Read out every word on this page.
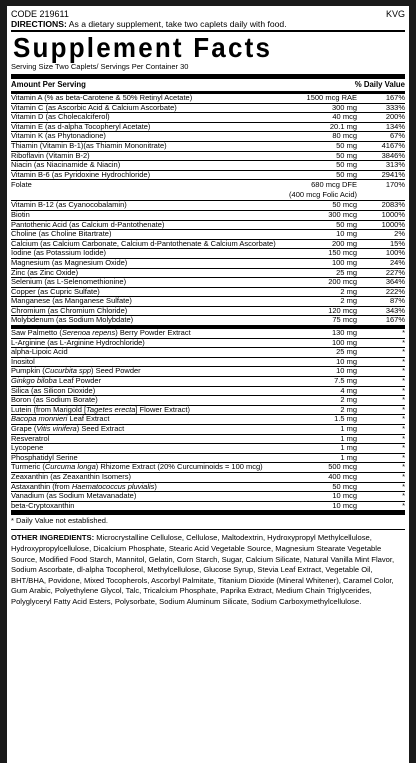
CODE 219611	KVG
DIRECTIONS: As a dietary supplement, take two caplets daily with food.
Supplement Facts
Serving Size Two Caplets/ Servings Per Container 30
Amount Per Serving	% Daily Value
Vitamin A (% as beta-Carotene & 50% Retinyl Acetate)	1500 mcg RAE	167%
Vitamin C (as Ascorbic Acid & Calcium Ascorbate)	300 mg	333%
Vitamin D (as Cholecalciferol)	40 mcg	200%
Vitamin E (as d-alpha Tocopheryl Acetate)	20.1 mg	134%
Vitamin K (as Phytonadione)	80 mcg	67%
Thiamin (Vitamin B-1)(as Thiamin Mononitrate)	50 mg	4167%
Riboflavin (Vitamin B-2)	50 mg	3846%
Niacin (as Niacinamide & Niacin)	50 mg	313%
Vitamin B-6 (as Pyridoxine Hydrochloride)	50 mg	2941%
Folate	680 mcg DFE	170%
(400 mcg Folic Acid)
Vitamin B-12 (as Cyanocobalamin)	50 mcg	2083%
Biotin	300 mcg	1000%
Pantothenic Acid (as Calcium d-Pantothenate)	50 mg	1000%
Choline (as Choline Bitartrate)	10 mg	2%
Calcium (as Calcium Carbonate, Calcium d-Pantothenate & Calcium Ascorbate)	200 mg	15%
Iodine (as Potassium Iodide)	150 mcg	100%
Magnesium (as Magnesium Oxide)	100 mg	24%
Zinc (as Zinc Oxide)	25 mg	227%
Selenium (as L-Selenomethionine)	200 mcg	364%
Copper (as Cupric Sulfate)	2 mg	222%
Manganese (as Manganese Sulfate)	2 mg	87%
Chromium (as Chromium Chloride)	120 mcg	343%
Molybdenum (as Sodium Molybdate)	75 mcg	167%
Saw Palmetto (Serenoa repens) Berry Powder Extract	130 mg	*
L-Arginine (as L-Arginine Hydrochloride)	100 mg	*
alpha-Lipoic Acid	25 mg	*
Inositol	10 mg	*
Pumpkin (Cucurbita spp) Seed Powder	10 mg	*
Ginkgo biloba Leaf Powder	7.5 mg	*
Silica (as Silicon Dioxide)	4 mg	*
Boron (as Sodium Borate)	2 mg	*
Lutein (from Marigold [Tagetes erecta] Flower Extract)	2 mg	*
Bacopa monnieri Leaf Extract	1.5 mg	*
Grape (Vitis vinifera) Seed Extract	1 mg	*
Resveratrol	1 mg	*
Lycopene	1 mg	*
Phosphatidyl Serine	1 mg	*
Turmeric (Curcuma longa) Rhizome Extract (20% Curcuminoids = 100 mcg)	500 mcg	*
Zeaxanthin (as Zeaxanthin Isomers)	400 mcg	*
Astaxanthin (from Haematococcus pluvialis)	50 mcg	*
Vanadium (as Sodium Metavanadate)	10 mcg	*
beta-Cryptoxanthin	10 mcg	*
* Daily Value not established.
OTHER INGREDIENTS: Microcrystalline Cellulose, Cellulose, Maltodextrin, Hydroxypropyl Methylcellulose, Hydroxypropylcellulose, Dicalcium Phosphate, Stearic Acid Vegetable Source, Magnesium Stearate Vegetable Source, Modified Food Starch, Mannitol, Gelatin, Corn Starch, Sugar, Calcium Silicate, Natural Vanilla Mint Flavor, Sodium Ascorbate, dl-alpha Tocopherol, Methylcellulose, Glucose Syrup, Stevia Leaf Extract, Vegetable Oil, BHT/BHA, Povidone, Mixed Tocopherols, Ascorbyl Palmitate, Titanium Dioxide (Mineral Whitener), Caramel Color, Gum Arabic, Polyethylene Glycol, Talc, Tricalcium Phosphate, Paprika Extract, Medium Chain Triglycerides, Polyglyceryl Fatty Acid Esters, Polysorbate, Sodium Aluminum Silicate, Sodium Carboxymethylcellulose.
